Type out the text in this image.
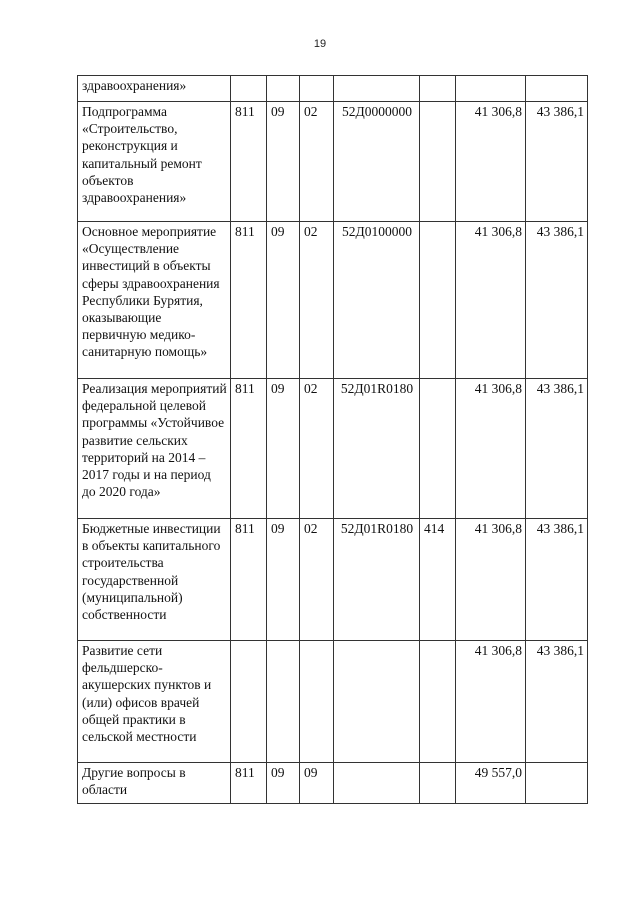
19
здравоохранения»							
Подпрограмма «Строительство, реконструкция и капитальный ремонт объектов здравоохранения»	811	09	02	52Д0000000		41 306,8	43 386,1
Основное мероприятие «Осуществление инвестиций в объекты сферы здравоохранения Республики Бурятия, оказывающие первичную медико-санитарную помощь»	811	09	02	52Д0100000		41 306,8	43 386,1
Реализация мероприятий федеральной целевой программы «Устойчивое развитие сельских территорий на 2014 – 2017 годы и на период до 2020 года»	811	09	02	52Д01R0180		41 306,8	43 386,1
Бюджетные инвестиции в объекты капитального строительства государственной (муниципальной) собственности	811	09	02	52Д01R0180	414	41 306,8	43 386,1
Развитие сети фельдшерско-акушерских пунктов и (или) офисов врачей общей практики в сельской местности						41 306,8	43 386,1
Другие вопросы в области	811	09	09			49 557,0	
